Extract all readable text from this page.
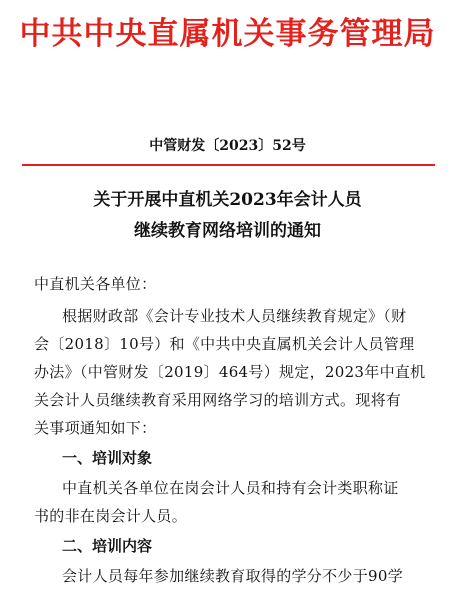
中共中央直属机关事务管理局
中管财发〔2023〕52号
关于开展中直机关2023年会计人员
继续教育网络培训的通知
中直机关各单位：
根据财政部《会计专业技术人员继续教育规定》（财
会〔2018〕10号）和《中共中央直属机关会计人员管理
办法》（中管财发〔2019〕464号）规定，2023年中直机
关会计人员继续教育采用网络学习的培训方式。现将有
关事项通知如下：
一、培训对象
中直机关各单位在岗会计人员和持有会计类职称证
书的非在岗会计人员。
二、培训内容
会计人员每年参加继续教育取得的学分不少于90学
